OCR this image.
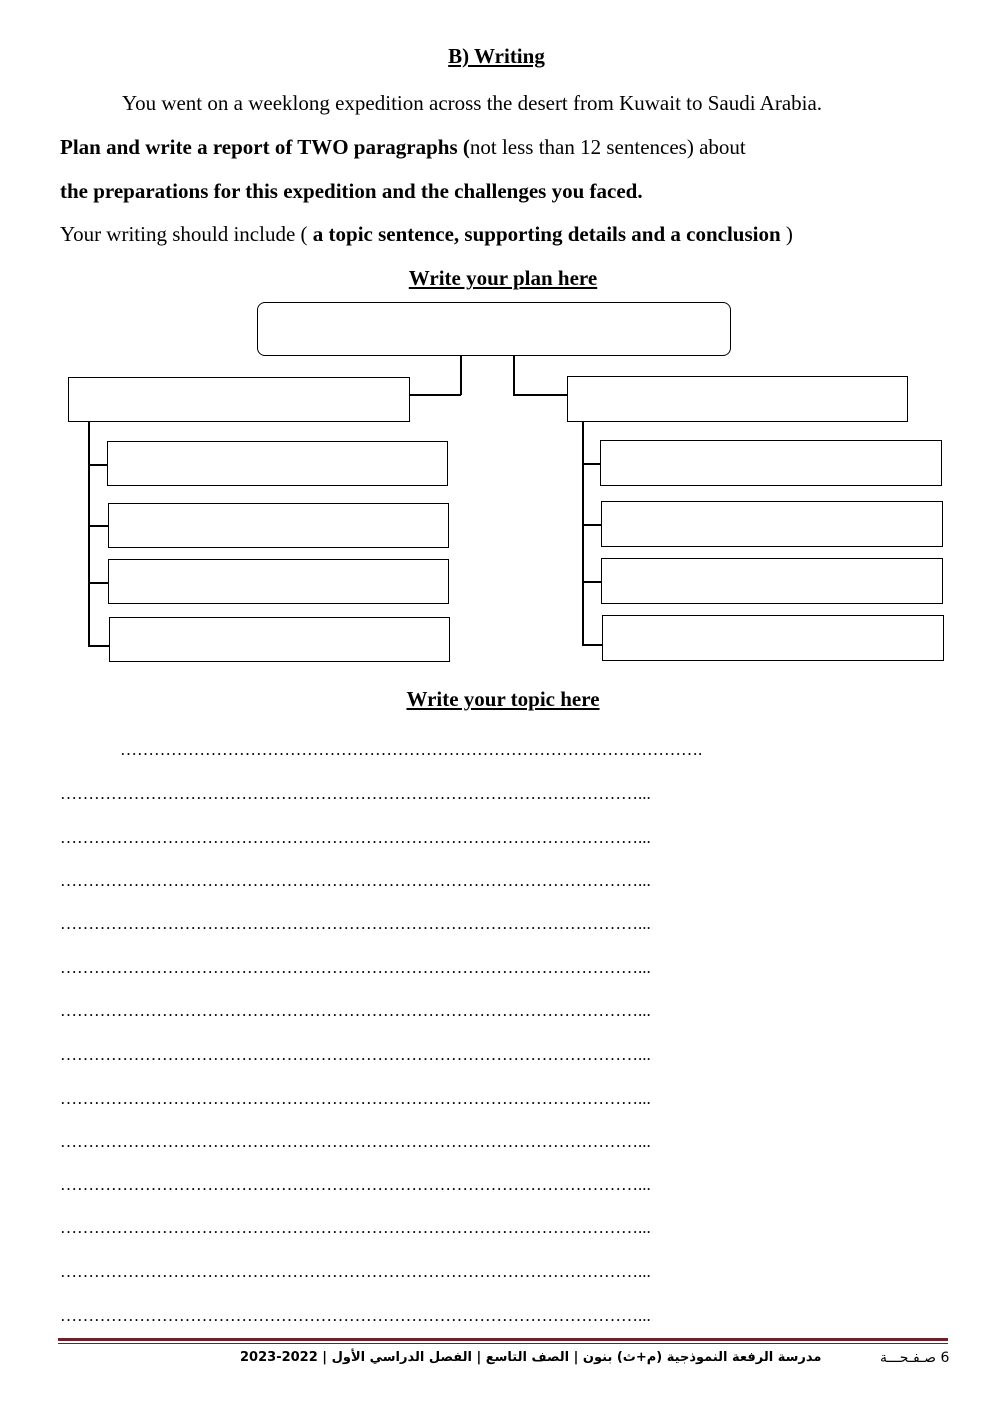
B) Writing
You went on a weeklong expedition across the desert from Kuwait to Saudi Arabia.
Plan and write a report of TWO paragraphs (not less than 12 sentences) about
the preparations for this expedition and the challenges you faced.
Your writing should include ( a topic sentence, supporting details and a conclusion )
Write your plan here
Write your topic here
………………………………………………………………………………………….
…………………………………………………………………………………………...
…………………………………………………………………………………………...
…………………………………………………………………………………………...
…………………………………………………………………………………………...
…………………………………………………………………………………………...
…………………………………………………………………………………………...
…………………………………………………………………………………………...
…………………………………………………………………………………………...
…………………………………………………………………………………………...
…………………………………………………………………………………………...
…………………………………………………………………………………………...
…………………………………………………………………………………………...
…………………………………………………………………………………………...
مدرسة الرفعة النموذجية (م+ث) بنون | الصف التاسع | الفصل الدراسي الأول | 2022-2023	6 صـفـحـــة
